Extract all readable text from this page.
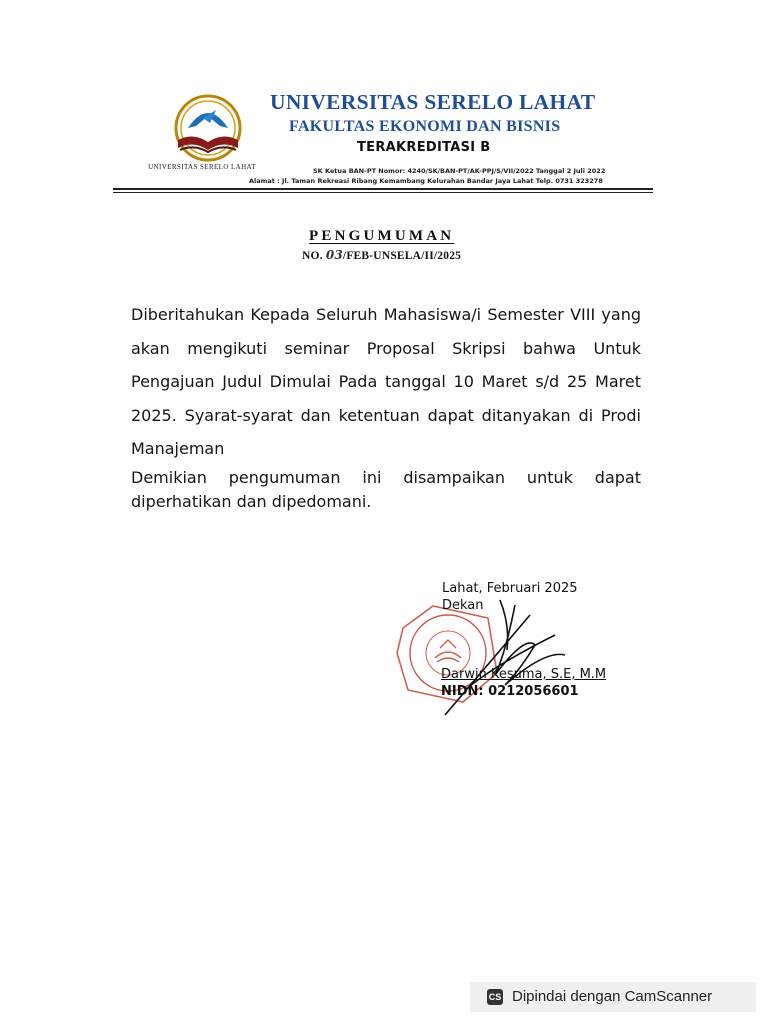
UNIVERSITAS SERELO LAHAT
UNIVERSITAS SERELO LAHAT
FAKULTAS EKONOMI DAN BISNIS
TERAKREDITASI B
SK Ketua BAN-PT Nomor: 4240/SK/BAN-PT/AK-PPJ/S/VII/2022 Tanggal 2 Juli 2022
Alamat : Jl. Taman Rekreasi Ribang Kemambang Kelurahan Bandar Jaya Lahat Telp. 0731 323278
PENGUMUMAN
NO. 03/FEB-UNSELA/II/2025
Diberitahukan Kepada Seluruh Mahasiswa/i Semester VIII yang akan mengikuti seminar Proposal Skripsi bahwa Untuk Pengajuan Judul Dimulai Pada tanggal 10 Maret s/d 25 Maret 2025. Syarat-syarat dan ketentuan dapat ditanyakan di Prodi Manajeman
Demikian pengumuman ini disampaikan untuk dapat diperhatikan dan dipedomani.
Lahat, Februari 2025
Dekan
Darwin Kesuma, S.E, M.M
NIDN: 0212056601
CS Dipindai dengan CamScanner
